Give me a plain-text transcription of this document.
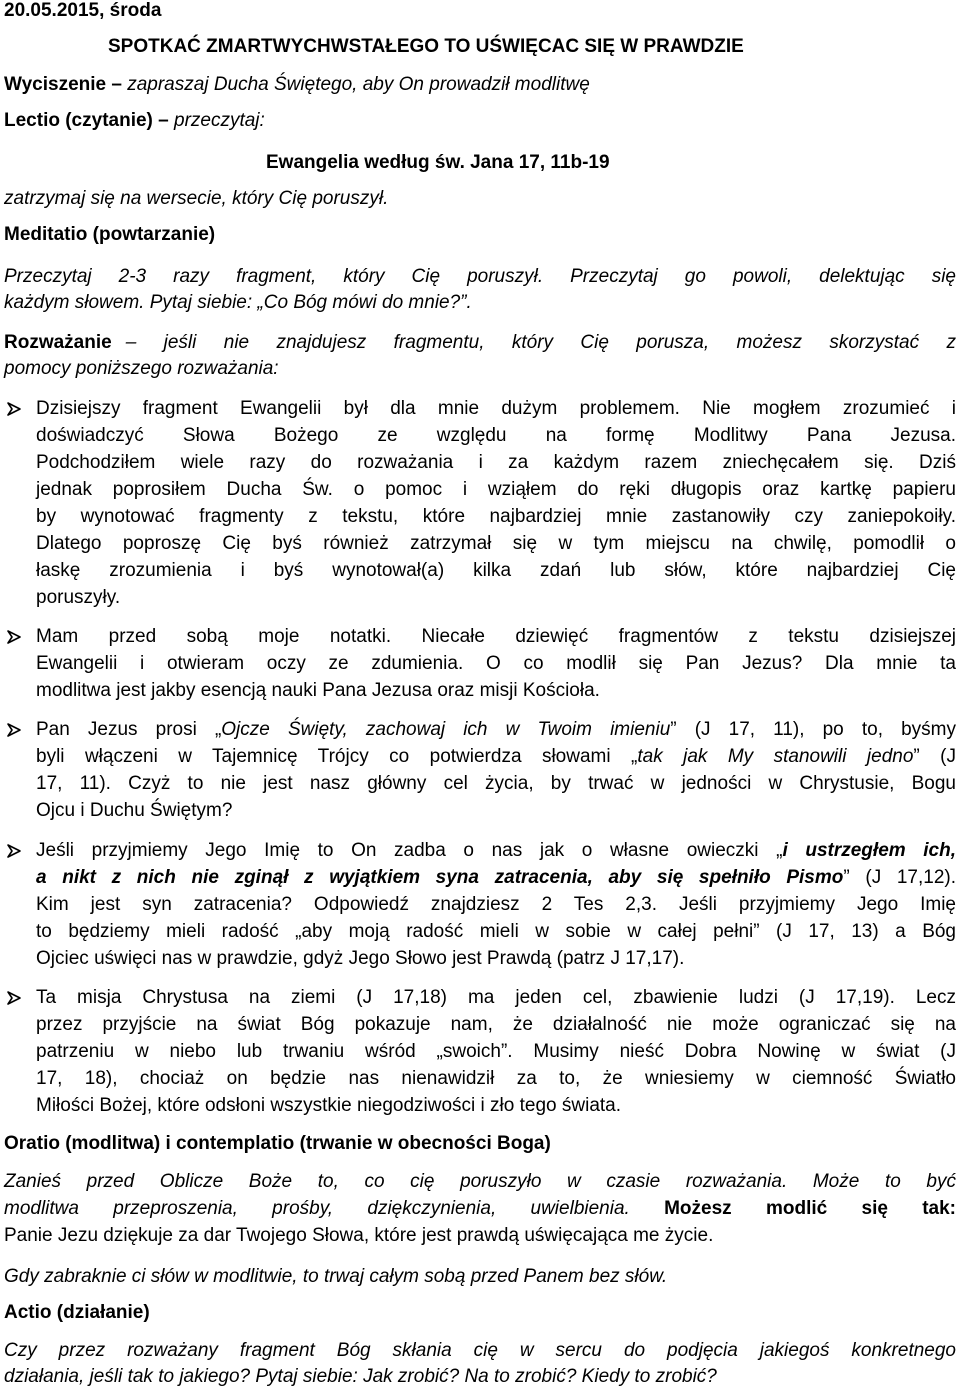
20.05.2015, środa
SPOTKAĆ ZMARTWYCHWSTAŁEGO TO UŚWIĘCAC SIĘ W PRAWDZIE
Wyciszenie – zapraszaj Ducha Świętego, aby On prowadził modlitwę
Lectio (czytanie) – przeczytaj:
Ewangelia według św. Jana 17, 11b-19
zatrzymaj się na wersecie, który Cię poruszył.
Meditatio (powtarzanie)
Przeczytaj 2-3 razy fragment, który Cię poruszył. Przeczytaj go powoli, delektując się
każdym słowem. Pytaj siebie: „Co Bóg mówi do mnie?”.
Rozważanie – jeśli nie znajdujesz fragmentu, który Cię porusza, możesz skorzystać z
pomocy poniższego rozważania:
Dzisiejszy fragment Ewangelii był dla mnie dużym problemem. Nie mogłem zrozumieć i
doświadczyć Słowa Bożego ze względu na formę Modlitwy Pana Jezusa.
Podchodziłem wiele razy do rozważania i za każdym razem zniechęcałem się. Dziś
jednak poprosiłem Ducha Św. o pomoc i wziąłem do ręki długopis oraz kartkę papieru
by wynotować fragmenty z tekstu, które najbardziej mnie zastanowiły czy zaniepokoiły.
Dlatego poproszę Cię byś również zatrzymał się w tym miejscu na chwilę, pomodlił o
łaskę zrozumienia i byś wynotował(a) kilka zdań lub słów, które najbardziej Cię
poruszyły.
Mam przed sobą moje notatki. Niecałe dziewięć fragmentów z tekstu dzisiejszej
Ewangelii i otwieram oczy ze zdumienia. O co modlił się Pan Jezus? Dla mnie ta
modlitwa jest jakby esencją nauki Pana Jezusa oraz misji Kościoła.
Pan Jezus prosi „Ojcze Święty, zachowaj ich w Twoim imieniu” (J 17, 11), po to, byśmy
byli włączeni w Tajemnicę Trójcy co potwierdza słowami „tak jak My stanowili jedno” (J
17, 11). Czyż to nie jest nasz główny cel życia, by trwać w jedności w Chrystusie, Bogu
Ojcu i Duchu Świętym?
Jeśli przyjmiemy Jego Imię to On zadba o nas jak o własne owieczki „i ustrzegłem ich,
a nikt z nich nie zginął z wyjątkiem syna zatracenia, aby się spełniło Pismo” (J 17,12).
Kim jest syn zatracenia? Odpowiedź znajdziesz 2 Tes 2,3. Jeśli przyjmiemy Jego Imię
to będziemy mieli radość „aby moją radość mieli w sobie w całej pełni” (J 17, 13) a Bóg
Ojciec uświęci nas w prawdzie, gdyż Jego Słowo jest Prawdą (patrz J 17,17).
Ta misja Chrystusa na ziemi (J 17,18) ma jeden cel, zbawienie ludzi (J 17,19). Lecz
przez przyjście na świat Bóg pokazuje nam, że działalność nie może ograniczać się na
patrzeniu w niebo lub trwaniu wśród „swoich”. Musimy nieść Dobra Nowinę w świat (J
17, 18), chociaż on będzie nas nienawidził za to, że wniesiemy w ciemność Światło
Miłości Bożej, które odsłoni wszystkie niegodziwości i zło tego świata.
Oratio (modlitwa) i contemplatio (trwanie w obecności Boga)
Zanieś przed Oblicze Boże to, co cię poruszyło w czasie rozważania. Może to być
modlitwa przeproszenia, prośby, dziękczynienia, uwielbienia. Możesz modlić się tak:
Panie Jezu dziękuje za dar Twojego Słowa, które jest prawdą uświęcająca me życie.
Gdy zabraknie ci słów w modlitwie, to trwaj całym sobą przed Panem bez słów.
Actio (działanie)
Czy przez rozważany fragment Bóg skłania cię w sercu do podjęcia jakiegoś konkretnego
działania, jeśli tak to jakiego? Pytaj siebie: Jak zrobić? Na to zrobić? Kiedy to zrobić?
